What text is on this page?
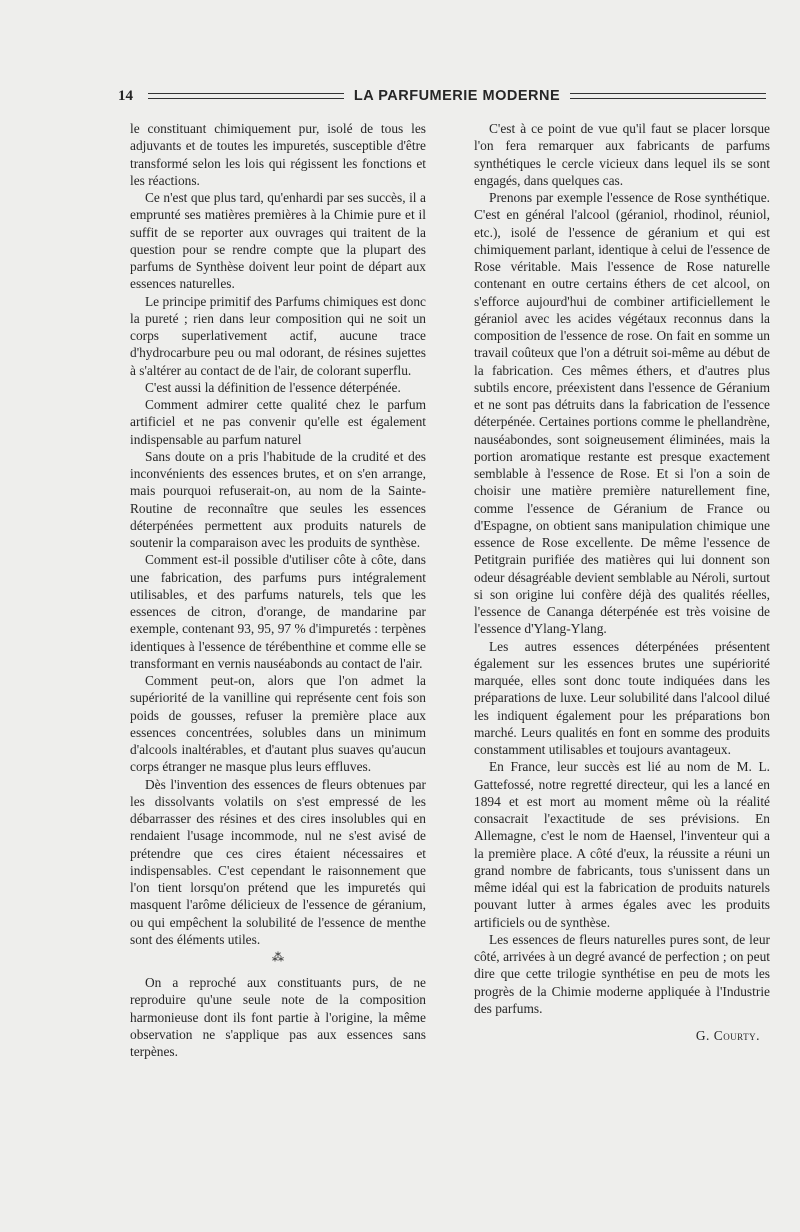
14	LA PARFUMERIE MODERNE

le constituant chimiquement pur, isolé de tous les adjuvants et de toutes les impuretés, susceptible d'être transformé selon les lois qui régissent les fonctions et les réactions.

Ce n'est que plus tard, qu'enhardi par ses succès, il a emprunté ses matières premières à la Chimie pure et il suffit de se reporter aux ouvrages qui traitent de la question pour se rendre compte que la plupart des parfums de Synthèse doivent leur point de départ aux essences naturelles.

Le principe primitif des Parfums chimiques est donc la pureté ; rien dans leur composition qui ne soit un corps superlativement actif, aucune trace d'hydrocarbure peu ou mal odorant, de résines sujettes à s'altérer au contact de de l'air, de colorant superflu.

C'est aussi la définition de l'essence déterpénée.

Comment admirer cette qualité chez le parfum artificiel et ne pas convenir qu'elle est également indispensable au parfum naturel

Sans doute on a pris l'habitude de la crudité et des inconvénients des essences brutes, et on s'en arrange, mais pourquoi refuserait-on, au nom de la Sainte-Routine de reconnaître que seules les essences déterpénées permettent aux produits naturels de soutenir la comparaison avec les produits de synthèse.

Comment est-il possible d'utiliser côte à côte, dans une fabrication, des parfums purs intégralement utilisables, et des parfums naturels, tels que les essences de citron, d'orange, de mandarine par exemple, contenant 93, 95, 97 % d'impuretés : terpènes identiques à l'essence de térébenthine et comme elle se transformant en vernis nauséabonds au contact de l'air.

Comment peut-on, alors que l'on admet la supériorité de la vanilline qui représente cent fois son poids de gousses, refuser la première place aux essences concentrées, solubles dans un minimum d'alcools inaltérables, et d'autant plus suaves qu'aucun corps étranger ne masque plus leurs effluves.

Dès l'invention des essences de fleurs obtenues par les dissolvants volatils on s'est empressé de les débarrasser des résines et des cires insolubles qui en rendaient l'usage incommode, nul ne s'est avisé de prétendre que ces cires étaient nécessaires et indispensables. C'est cependant le raisonnement que l'on tient lorsqu'on prétend que les impuretés qui masquent l'arôme délicieux de l'essence de géranium, ou qui empêchent la solubilité de l'essence de menthe sont des éléments utiles.

⁂

On a reproché aux constituants purs, de ne reproduire qu'une seule note de la composition harmonieuse dont ils font partie à l'origine, la même observation ne s'applique pas aux essences sans terpènes.

C'est à ce point de vue qu'il faut se placer lorsque l'on fera remarquer aux fabricants de parfums synthétiques le cercle vicieux dans lequel ils se sont engagés, dans quelques cas.

Prenons par exemple l'essence de Rose synthétique. C'est en général l'alcool (géraniol, rhodinol, réuniol, etc.), isolé de l'essence de géranium et qui est chimiquement parlant, identique à celui de l'essence de Rose véritable. Mais l'essence de Rose naturelle contenant en outre certains éthers de cet alcool, on s'efforce aujourd'hui de combiner artificiellement le géraniol avec les acides végétaux reconnus dans la composition de l'essence de rose. On fait en somme un travail coûteux que l'on a détruit soi-même au début de la fabrication. Ces mêmes éthers, et d'autres plus subtils encore, préexistent dans l'essence de Géranium et ne sont pas détruits dans la fabrication de l'essence déterpénée. Certaines portions comme le phellandrène, nauséabondes, sont soigneusement éliminées, mais la portion aromatique restante est presque exactement semblable à l'essence de Rose. Et si l'on a soin de choisir une matière première naturellement fine, comme l'essence de Géranium de France ou d'Espagne, on obtient sans manipulation chimique une essence de Rose excellente. De même l'essence de Petitgrain purifiée des matières qui lui donnent son odeur désagréable devient semblable au Néroli, surtout si son origine lui confère déjà des qualités réelles, l'essence de Cananga déterpénée est très voisine de l'essence d'Ylang-Ylang.

Les autres essences déterpénées présentent également sur les essences brutes une supériorité marquée, elles sont donc toute indiquées dans les préparations de luxe. Leur solubilité dans l'alcool dilué les indiquent également pour les préparations bon marché. Leurs qualités en font en somme des produits constamment utilisables et toujours avantageux.

En France, leur succès est lié au nom de M. L. Gattefossé, notre regretté directeur, qui les a lancé en 1894 et est mort au moment même où la réalité consacrait l'exactitude de ses prévisions. En Allemagne, c'est le nom de Haensel, l'inventeur qui a la première place. A côté d'eux, la réussite a réuni un grand nombre de fabricants, tous s'unissent dans un même idéal qui est la fabrication de produits naturels pouvant lutter à armes égales avec les produits artificiels ou de synthèse.

Les essences de fleurs naturelles pures sont, de leur côté, arrivées à un degré avancé de perfection ; on peut dire que cette trilogie synthétise en peu de mots les progrès de la Chimie moderne appliquée à l'Industrie des parfums.

G. Courty.
